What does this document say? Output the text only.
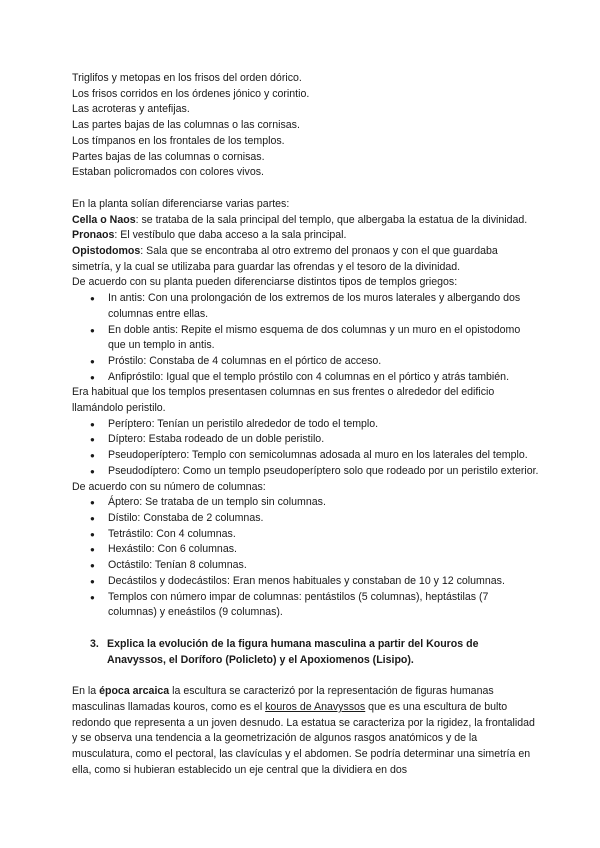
Triglifos y metopas en los frisos del orden dórico.

Los frisos corridos en los órdenes jónico y corintio.

Las acroteras y antefijas.

Las partes bajas de las columnas o las cornisas.

Los tímpanos en los frontales de los templos.

Partes bajas de las columnas o cornisas.

Estaban policromados con colores vivos.

En la planta solían diferenciarse varias partes:

Cella o Naos: se trataba de la sala principal del templo, que albergaba la estatua de la divinidad.

Pronaos: El vestíbulo que daba acceso a la sala principal.

Opistodomos: Sala que se encontraba al otro extremo del pronaos y con el que guardaba simetría, y la cual se utilizaba para guardar las ofrendas y el tesoro de la divinidad.

De acuerdo con su planta pueden diferenciarse distintos tipos de templos griegos:

● In antis: Con una prolongación de los extremos de los muros laterales y albergando dos columnas entre ellas.
● En doble antis: Repite el mismo esquema de dos columnas y un muro en el opistodomo que un templo in antis.
● Próstilo: Constaba de 4 columnas en el pórtico de acceso.
● Anfipróstilo: Igual que el templo próstilo con 4 columnas en el pórtico y atrás también.

Era habitual que los templos presentasen columnas en sus frentes o alrededor del edificio llamándolo peristilo.

● Períptero: Tenían un peristilo alrededor de todo el templo.
● Díptero: Estaba rodeado de un doble peristilo.
● Pseudoperíptero: Templo con semicolumnas adosada al muro en los laterales del templo.
● Pseudodíptero: Como un templo pseudoperíptero solo que rodeado por un peristilo exterior.

De acuerdo con su número de columnas:

● Áptero: Se trataba de un templo sin columnas.
● Dístilo: Constaba de 2 columnas.
● Tetrástilo: Con 4 columnas.
● Hexástilo: Con 6 columnas.
● Octástilo: Tenían 8 columnas.
● Decástilos y dodecástilos: Eran menos habituales y constaban de 10 y 12 columnas.
● Templos con número impar de columnas: pentástilos (5 columnas), heptástilas (7 columnas) y eneástilos (9 columnas).
3. Explica la evolución de la figura humana masculina a partir del Kouros de
Anavyssos, el Doríforo (Policleto) y el Apoxiomenos (Lisipo).

En la época arcaica la escultura se caracterizó por la representación de figuras humanas masculinas llamadas kouros, como es el kouros de Anavyssos que es una escultura de bulto redondo que representa a un joven desnudo. La estatua se caracteriza por la rigidez, la frontalidad y se observa una tendencia a la geometrización de algunos rasgos anatómicos y de la musculatura, como el pectoral, las clavículas y el abdomen. Se podría determinar una simetría en ella, como si hubieran establecido un eje central que la dividiera en dos
